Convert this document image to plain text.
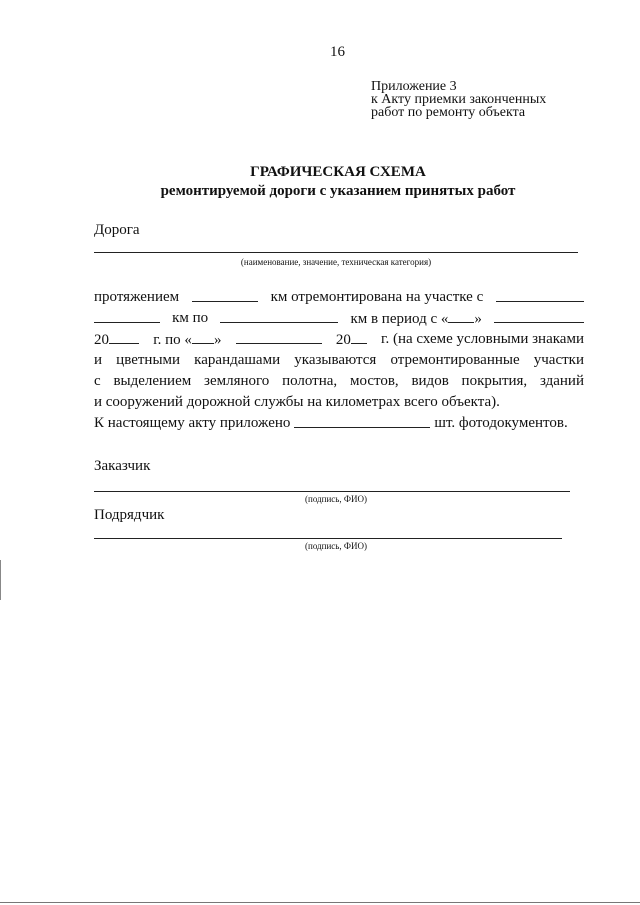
16
Приложение 3
к Акту приемки законченных
работ по ремонту объекта
ГРАФИЧЕСКАЯ СХЕМА
ремонтируемой дороги с указанием принятых работ
Дорога
(наименование, значение, техническая категория)
протяжением	км отремонтирована на участке с
км по	км в период с « »
20	г. по « »	20	г. (на схеме условными знаками
и цветными карандашами указываются отремонтированные участки
с выделением земляного полотна, мостов, видов покрытия, зданий
и сооружений дорожной службы на километрах всего объекта).
К настоящему акту приложено	шт. фотодокументов.
Заказчик
(подпись, ФИО)
Подрядчик
(подпись, ФИО)
